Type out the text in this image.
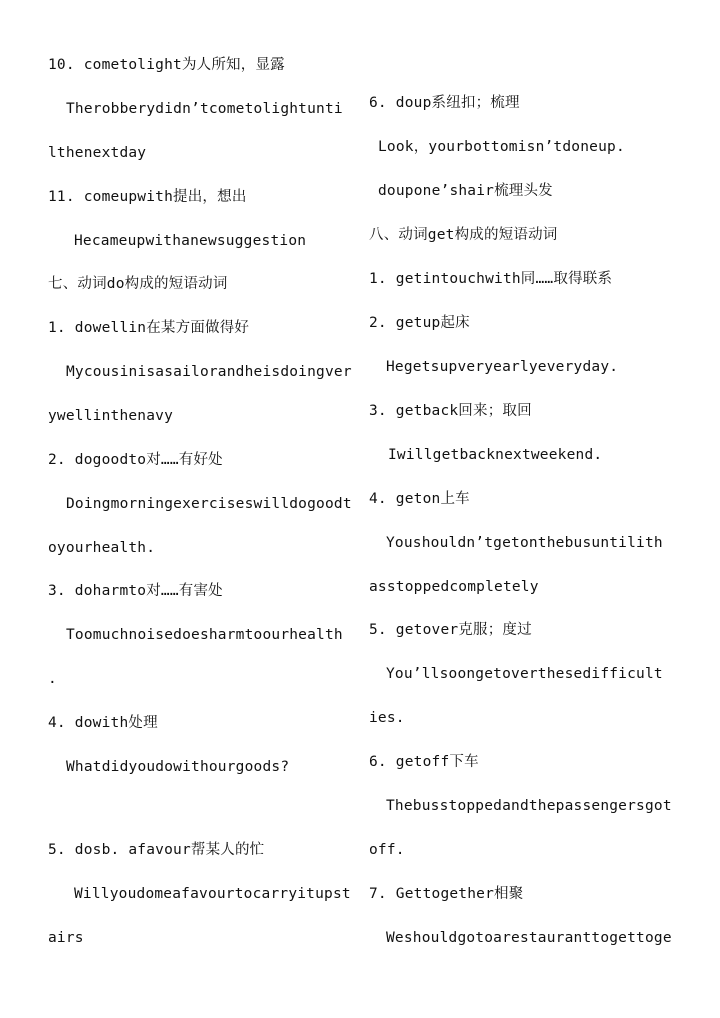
10. cometolight为人所知，显露
Therobberydidn’tcometolightunti
lthenextday
11. comeupwith提出，想出
Hecameupwithanewsuggestion
七、动词do构成的短语动词
1. dowellin在某方面做得好
Mycousinisasailorandheisdoingver
ywellinthenavy
2. dogoodto对……有好处
Doingmorningexerciseswilldogoodt
oyourhealth.
3. doharmto对……有害处
Toomuchnoisedoesharmtoourhealth
.
4. dowith处理
Whatdidyoudowithourgoods?
5. dosb. afavour帮某人的忙
Willyoudomeafavourtocarryitupst
airs
6. doup系纽扣；梳理
Look，yourbottomisn’tdoneup.
doupone’shair梳理头发
八、动词get构成的短语动词
1. getintouchwith同……取得联系
2. getup起床
Hegetsupveryearlyeveryday.
3. getback回来；取回
Iwillgetbacknextweekend.
4. geton上车
Youshouldn’tgetonthebusuntilith
asstoppedcompletely
5. getover克服；度过
You’llsoongetoverthesedifficult
ies.
6. getoff下车
Thebusstoppedandthepassengersgot
off.
7. Gettogether相聚
Weshouldgotoarestauranttogettoge
